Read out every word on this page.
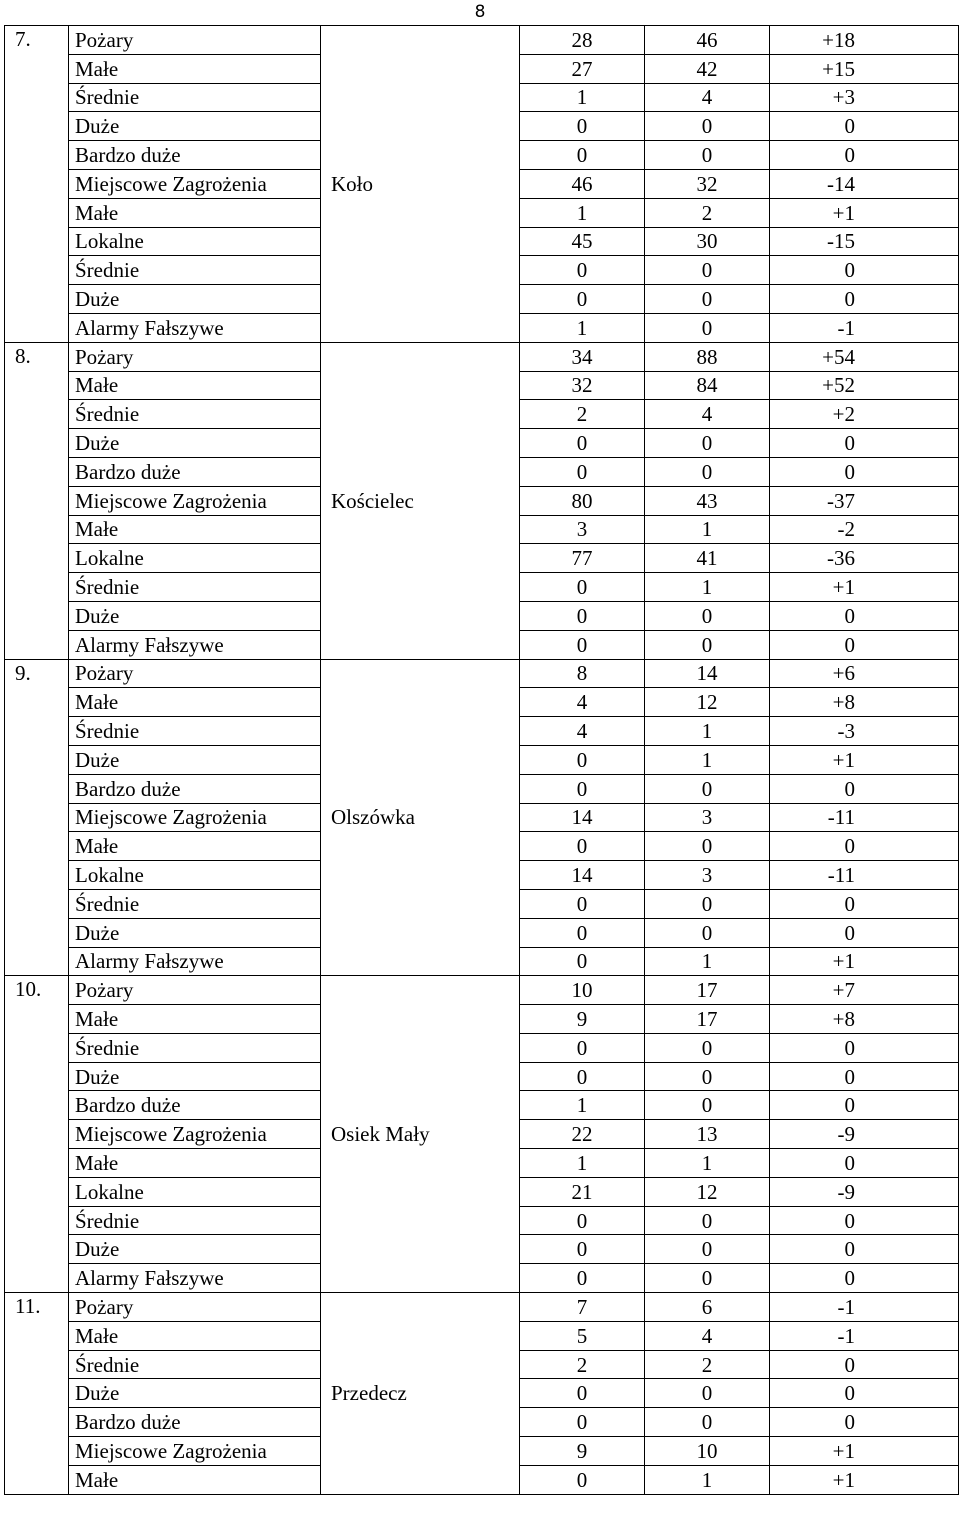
8
7.	Pożary	Koło	28	46	+18
	Małe		27	42	+15
	Średnie		1	4	+3
	Duże		0	0	0
	Bardzo duże		0	0	0
	Miejscowe Zagrożenia		46	32	-14
	Małe		1	2	+1
	Lokalne		45	30	-15
	Średnie		0	0	0
	Duże		0	0	0
	Alarmy Fałszywe		1	0	-1
8.	Pożary	Kościelec	34	88	+54
	Małe		32	84	+52
	Średnie		2	4	+2
	Duże		0	0	0
	Bardzo duże		0	0	0
	Miejscowe Zagrożenia		80	43	-37
	Małe		3	1	-2
	Lokalne		77	41	-36
	Średnie		0	1	+1
	Duże		0	0	0
	Alarmy Fałszywe		0	0	0
9.	Pożary	Olszówka	8	14	+6
	Małe		4	12	+8
	Średnie		4	1	-3
	Duże		0	1	+1
	Bardzo duże		0	0	0
	Miejscowe Zagrożenia		14	3	-11
	Małe		0	0	0
	Lokalne		14	3	-11
	Średnie		0	0	0
	Duże		0	0	0
	Alarmy Fałszywe		0	1	+1
10.	Pożary	Osiek Mały	10	17	+7
	Małe		9	17	+8
	Średnie		0	0	0
	Duże		0	0	0
	Bardzo duże		1	0	0
	Miejscowe Zagrożenia		22	13	-9
	Małe		1	1	0
	Lokalne		21	12	-9
	Średnie		0	0	0
	Duże		0	0	0
	Alarmy Fałszywe		0	0	0
11.	Pożary	Przedecz	7	6	-1
	Małe		5	4	-1
	Średnie		2	2	0
	Duże		0	0	0
	Bardzo duże		0	0	0
	Miejscowe Zagrożenia		9	10	+1
	Małe		0	1	+1
